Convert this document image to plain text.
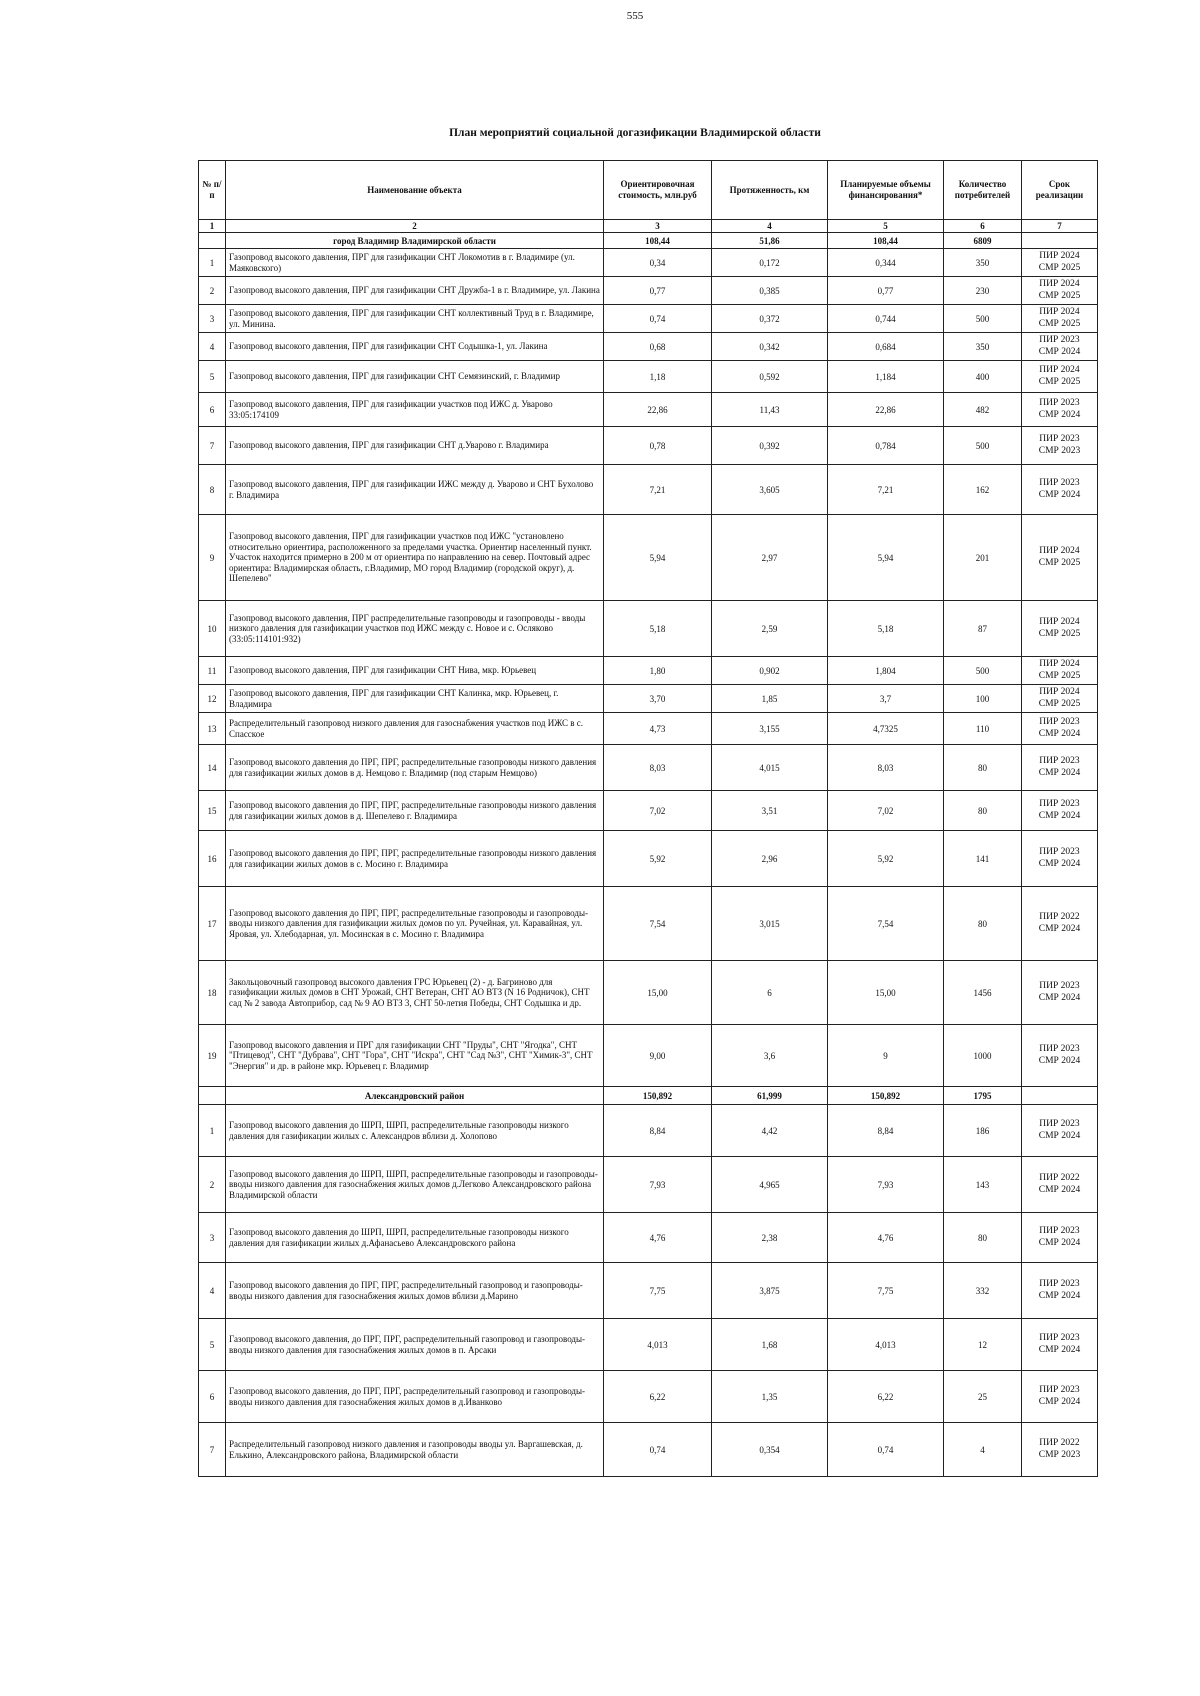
555
План мероприятий социальной догазификации Владимирской области
№ п/п	Наименование объекта	Ориентировочная стоимость, млн.руб	Протяженность, км	Планируемые объемы финансирования*	Количество потребителей	Срок реализации
1	2	3	4	5	6	7
	город Владимир Владимирской области	108,44	51,86	108,44	6809	
1	Газопровод высокого давления, ПРГ для газификации СНТ Локомотив в г. Владимире (ул. Маяковского)	0,34	0,172	0,344	350	ПИР 2024
СМР 2025

2	Газопровод высокого давления, ПРГ для газификации СНТ Дружба-1 в г. Владимире, ул. Лакина	0,77	0,385	0,77	230	ПИР 2024
СМР 2025

3	Газопровод высокого давления, ПРГ для газификации СНТ коллективный Труд в г. Владимире, ул. Минина.	0,74	0,372	0,744	500	ПИР 2024
СМР 2025

4	Газопровод высокого давления, ПРГ для газификации СНТ Содышка-1, ул. Лакина	0,68	0,342	0,684	350	ПИР 2023
СМР 2024

5	Газопровод высокого давления, ПРГ для газификации СНТ Семязинский, г. Владимир	1,18	0,592	1,184	400	ПИР 2024
СМР 2025

6	Газопровод высокого давления, ПРГ для газификации участков под ИЖС д. Уварово 33:05:174109	22,86	11,43	22,86	482	ПИР 2023
СМР 2024

7	Газопровод высокого давления, ПРГ для газификации СНТ д.Уварово г. Владимира	0,78	0,392	0,784	500	ПИР 2023
СМР 2023

8	Газопровод высокого давления, ПРГ для газификации ИЖС между д. Уварово и СНТ Бухолово г. Владимира	7,21	3,605	7,21	162	ПИР 2023
СМР 2024

9	Газопровод высокого давления, ПРГ для газификации участков под ИЖС "установлено относительно ориентира, расположенного за пределами участка. Ориентир населенный пункт. Участок находится примерно в 200 м от ориентира по направлению на север. Почтовый адрес ориентира: Владимирская область, г.Владимир, МО город Владимир (городской округ), д. Шепелево"	5,94	2,97	5,94	201	ПИР 2024
СМР 2025

10	Газопровод высокого давления, ПРГ распределительные газопроводы и газопроводы - вводы низкого давления для газификации участков под ИЖС между с. Новое и с. Осляково (33:05:114101:932)	5,18	2,59	5,18	87	ПИР 2024
СМР 2025

11	Газопровод высокого давления, ПРГ для газификации СНТ Нива, мкр. Юрьевец	1,80	0,902	1,804	500	ПИР 2024
СМР 2025

12	Газопровод высокого давления, ПРГ для газификации СНТ Калинка, мкр. Юрьевец, г. Владимира	3,70	1,85	3,7	100	ПИР 2024
СМР 2025

13	Распределительный газопровод низкого давления для газоснабжения участков под ИЖС в с. Спасское	4,73	3,155	4,7325	110	ПИР 2023
СМР 2024

14	Газопровод высокого давления до ПРГ, ПРГ, распределительные газопроводы низкого давления для газификации жилых домов в д. Немцово г. Владимир (под старым Немцово)	8,03	4,015	8,03	80	ПИР 2023
СМР 2024

15	Газопровод высокого давления до ПРГ, ПРГ, распределительные газопроводы низкого давления для газификации жилых домов в д. Шепелево г. Владимира	7,02	3,51	7,02	80	ПИР 2023
СМР 2024

16	Газопровод высокого давления до ПРГ, ПРГ, распределительные газопроводы низкого давления для газификации жилых домов в с. Мосино г. Владимира	5,92	2,96	5,92	141	ПИР 2023
СМР 2024

17	Газопровод высокого давления до ПРГ, ПРГ, распределительные газопроводы и газопроводы-вводы низкого давления для газификации жилых домов по ул. Ручейная, ул. Каравайная, ул. Яровая, ул. Хлебодарная, ул. Мосинская в с. Мосино г. Владимира	7,54	3,015	7,54	80	ПИР 2022
СМР 2024

18	Закольцовочный газопровод высокого давления ГРС Юрьевец (2) - д. Багриново для газификации жилых домов в СНТ Урожай, СНТ Ветеран, СНТ АО ВТЗ (N 16 Родничок), СНТ сад № 2 завода Автоприбор, сад № 9 АО ВТЗ 3, СНТ 50-летия Победы, СНТ Содышка и др.	15,00	6	15,00	1456	ПИР 2023
СМР 2024

19	Газопровод высокого давления и ПРГ для газификации СНТ "Пруды", СНТ "Ягодка", СНТ "Птицевод", СНТ "Дубрава", СНТ "Гора", СНТ "Искра", СНТ "Сад №3", СНТ "Химик-3", СНТ "Энергия" и др. в районе мкр. Юрьевец г. Владимир	9,00	3,6	9	1000	ПИР 2023
СМР 2024

	Александровский район	150,892	61,999	150,892	1795	
1	Газопровод высокого давления до ШРП, ШРП, распределительные газопроводы низкого давления для газификации жилых с. Александров вблизи д. Холопово	8,84	4,42	8,84	186	ПИР 2023
СМР 2024

2	Газопровод высокого давления до ШРП, ШРП, распределительные газопроводы и газопроводы-вводы низкого давления для газоснабжения жилых домов д.Легково Александровского района Владимирской области	7,93	4,965	7,93	143	ПИР 2022
СМР 2024

3	Газопровод высокого давления до ШРП, ШРП, распределительные газопроводы низкого давления для газификации жилых д.Афанасьево Александровского района	4,76	2,38	4,76	80	ПИР 2023
СМР 2024

4	Газопровод высокого давления до ПРГ, ПРГ, распределительный газопровод и газопроводы-вводы низкого давления для газоснабжения жилых домов вблизи д.Марино	7,75	3,875	7,75	332	ПИР 2023
СМР 2024

5	Газопровод высокого давления, до ПРГ, ПРГ, распределительный газопровод и газопроводы-вводы низкого давления для газоснабжения жилых домов в п. Арсаки	4,013	1,68	4,013	12	ПИР 2023
СМР 2024

6	Газопровод высокого давления, до ПРГ, ПРГ, распределительный газопровод и газопроводы-вводы низкого давления для газоснабжения жилых домов в д.Иванково	6,22	1,35	6,22	25	ПИР 2023
СМР 2024

7	Распределительный газопровод низкого давления и газопроводы вводы ул. Варгашевская, д. Елькино, Александровского района, Владимирской области	0,74	0,354	0,74	4	ПИР 2022
СМР 2023
